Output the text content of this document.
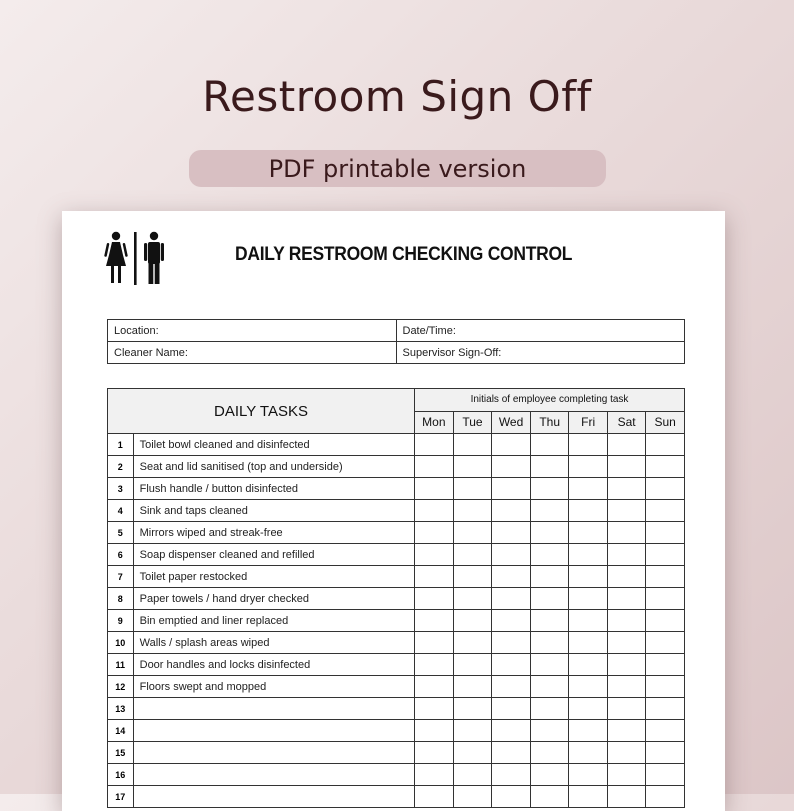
Restroom Sign Off
PDF printable version
DAILY RESTROOM CHECKING CONTROL
Location:	Date/Time:
Cleaner Name:	Supervisor Sign-Off:
DAILY TASKS		Initials of employee completing task						
		Mon	Tue	Wed	Thu	Fri	Sat	Sun
1	Toilet bowl cleaned and disinfected							
2	Seat and lid sanitised (top and underside)							
3	Flush handle / button disinfected							
4	Sink and taps cleaned							
5	Mirrors wiped and streak-free							
6	Soap dispenser cleaned and refilled							
7	Toilet paper restocked							
8	Paper towels / hand dryer checked							
9	Bin emptied and liner replaced							
10	Walls / splash areas wiped							
11	Door handles and locks disinfected							
12	Floors swept and mopped							
13								
14								
15								
16								
17								
